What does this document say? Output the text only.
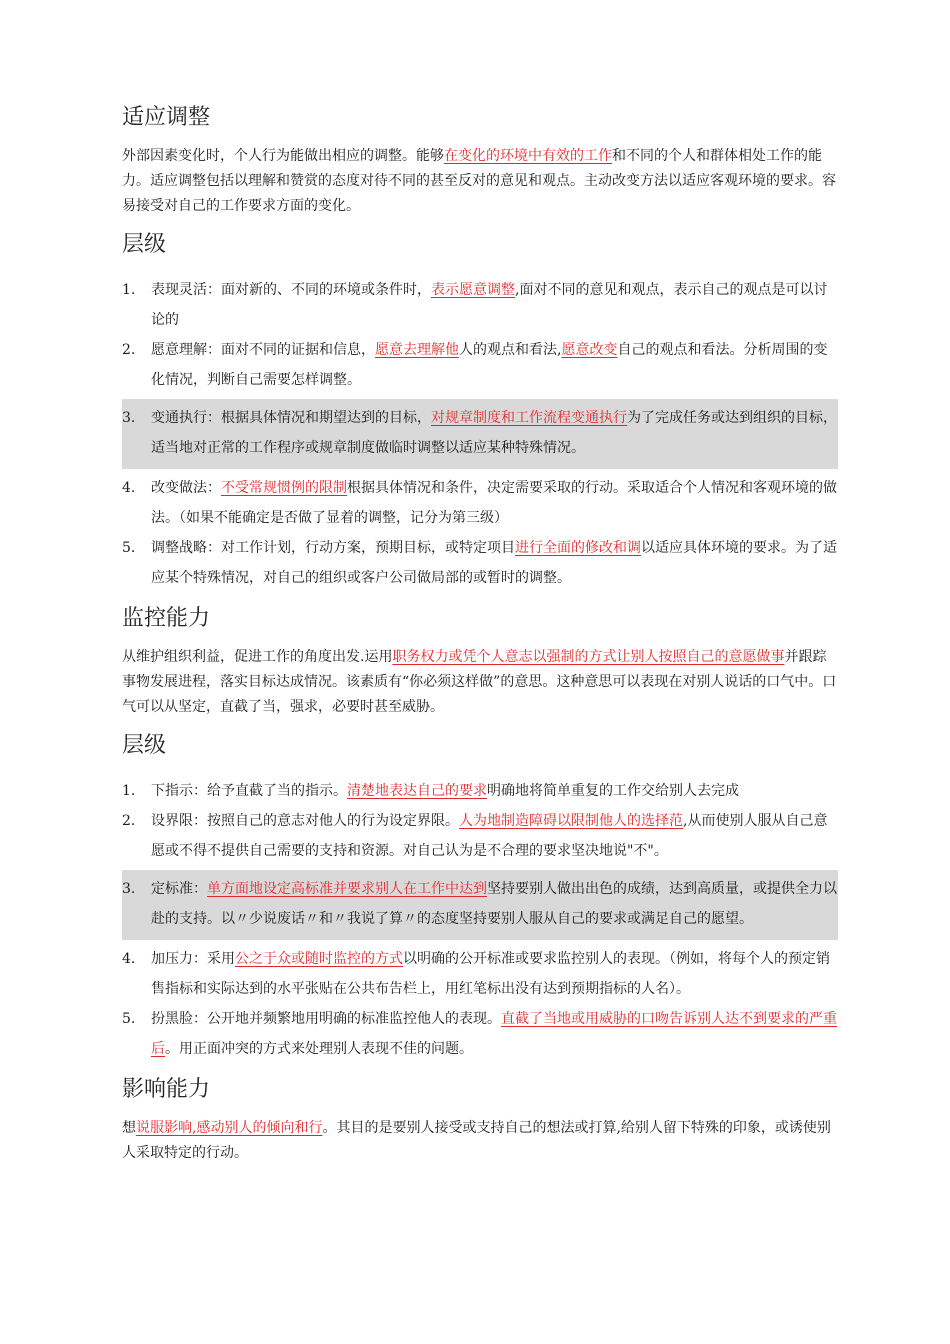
适应调整

外部因素变化时，个人行为能做出相应的调整。能够在变化的环境中有效的工作和不同的个人和群体相处工作的能力。适应调整包括以理解和赞赏的态度对待不同的甚至反对的意见和观点。主动改变方法以适应客观环境的要求。容易接受对自己的工作要求方面的变化。

层级
1.	表现灵活：面对新的、不同的环境或条件时，表示愿意调整,面对不同的意见和观点，表示自己的观点是可以讨论的
2.	愿意理解：面对不同的证据和信息，愿意去理解他人的观点和看法,愿意改变自己的观点和看法。分析周围的变化情况，判断自己需要怎样调整。
3.	变通执行：根据具体情况和期望达到的目标，对规章制度和工作流程变通执行为了完成任务或达到组织的目标，适当地对正常的工作程序或规章制度做临时调整以适应某种特殊情况。
4.	改变做法：不受常规惯例的限制根据具体情况和条件，决定需要采取的行动。采取适合个人情况和客观环境的做法。（如果不能确定是否做了显着的调整，记分为第三级）
5.	调整战略：对工作计划，行动方案，预期目标，或特定项目进行全面的修改和调以适应具体环境的要求。为了适应某个特殊情况，对自己的组织或客户公司做局部的或暂时的调整。
监控能力

从维护组织利益，促进工作的角度出发.运用职务权力或凭个人意志以强制的方式让别人按照自己的意愿做事并跟踪事物发展进程，落实目标达成情况。该素质有“你必须这样做”的意思。这种意思可以表现在对别人说话的口气中。口气可以从坚定，直截了当，强求，必要时甚至威胁。

层级
1.	下指示：给予直截了当的指示。清楚地表达自己的要求明确地将简单重复的工作交给别人去完成
2.	设界限：按照自己的意志对他人的行为设定界限。人为地制造障碍以限制他人的选择范,从而使别人服从自己意愿或不得不提供自己需要的支持和资源。对自己认为是不合理的要求坚决地说"不"。
3.	定标准：单方面地设定高标准并要求别人在工作中达到坚持要别人做出出色的成绩，达到高质量，或提供全力以赴的支持。以〃少说废话〃和〃我说了算〃的态度坚持要别人服从自己的要求或满足自己的愿望。
4.	加压力：采用公之于众或随时监控的方式以明确的公开标准或要求监控别人的表现。（例如，将每个人的预定销售指标和实际达到的水平张贴在公共布告栏上，用红笔标出没有达到预期指标的人名）。
5.	扮黑脸：公开地并频繁地用明确的标准监控他人的表现。直截了当地或用威胁的口吻告诉别人达不到要求的严重后。用正面冲突的方式来处理别人表现不佳的问题。
影响能力

想说服影响,感动别人的倾向和行。其目的是要别人接受或支持自己的想法或打算,给别人留下特殊的印象，或诱使别人采取特定的行动。
